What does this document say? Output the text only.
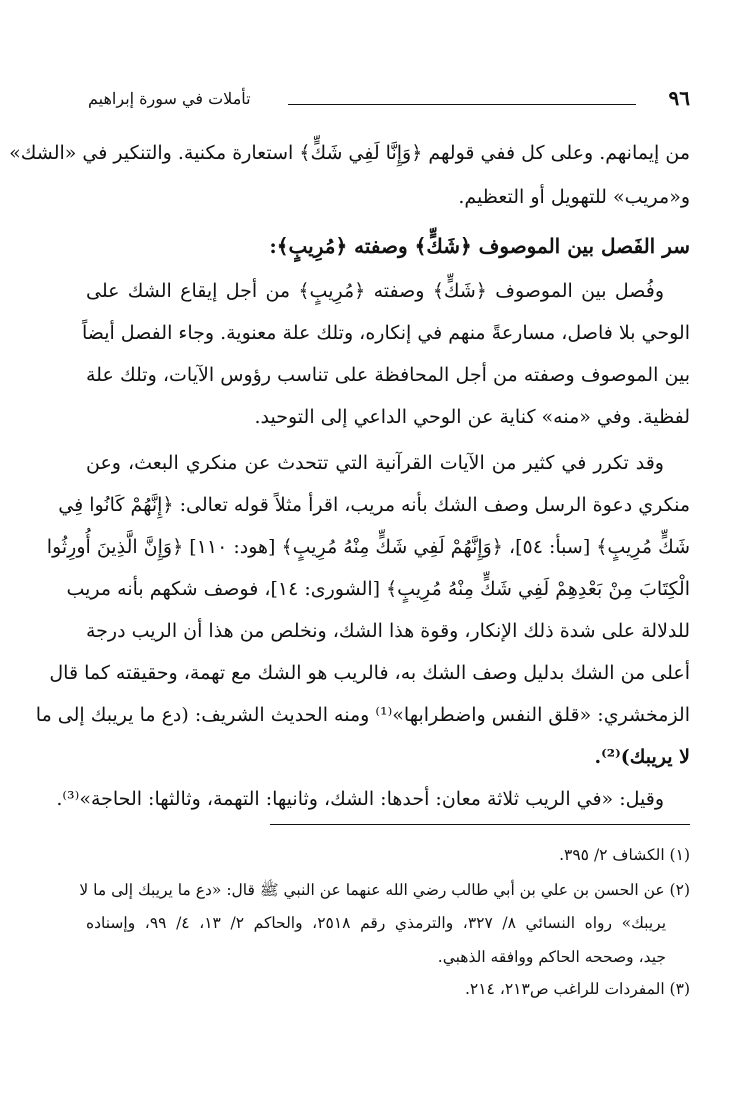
٩٦
تأملات في سورة إبراهيم
من إيمانهم. وعلى كل ففي قولهم ﴿وَإِنَّا لَفِي شَكٍّ﴾ استعارة مكنية. والتنكير في «الشك»
و«مريب» للتهويل أو التعظيم.
سر الفَصل بين الموصوف ﴿شَكٍّ﴾ وصفته ﴿مُرِيبٍ﴾:
وفُصل بين الموصوف ﴿شَكٍّ﴾ وصفته ﴿مُرِيبٍ﴾ من أجل إيقاع الشك على
الوحي بلا فاصل، مسارعةً منهم في إنكاره، وتلك علة معنوية. وجاء الفصل أيضاً
بين الموصوف وصفته من أجل المحافظة على تناسب رؤوس الآيات، وتلك علة
لفظية. وفي «منه» كناية عن الوحي الداعي إلى التوحيد.
وقد تكرر في كثير من الآيات القرآنية التي تتحدث عن منكري البعث، وعن
منكري دعوة الرسل وصف الشك بأنه مريب، اقرأ مثلاً قوله تعالى: ﴿إِنَّهُمْ كَانُوا فِي
شَكٍّ مُرِيبٍ﴾ [سبأ: ٥٤]، ﴿وَإِنَّهُمْ لَفِي شَكٍّ مِنْهُ مُرِيبٍ﴾ [هود: ١١٠] ﴿وَإِنَّ الَّذِينَ أُورِثُوا
الْكِتَابَ مِنْ بَعْدِهِمْ لَفِي شَكٍّ مِنْهُ مُرِيبٍ﴾ [الشورى: ١٤]، فوصف شكهم بأنه مريب
للدلالة على شدة ذلك الإنكار، وقوة هذا الشك، ونخلص من هذا أن الريب درجة
أعلى من الشك بدليل وصف الشك به، فالريب هو الشك مع تهمة، وحقيقته كما قال
الزمخشري: «قلق النفس واضطرابها»⁽¹⁾ ومنه الحديث الشريف: (دع ما يريبك إلى ما
لا يريبك)⁽²⁾.
وقيل: «في الريب ثلاثة معان: أحدها: الشك، وثانيها: التهمة، وثالثها: الحاجة»⁽³⁾.
(١) الكشاف ٢/ ٣٩٥.
(٢) عن الحسن بن علي بن أبي طالب رضي الله عنهما عن النبي ﷺ قال: «دع ما يريبك إلى ما لا
يريبك» رواه النسائي ٨/ ٣٢٧، والترمذي رقم ٢٥١٨، والحاكم ٢/ ١٣، ٤/ ٩٩، وإسناده
جيد، وصححه الحاكم ووافقه الذهبي.
(٣) المفردات للراغب ص٢١٣، ٢١٤.
